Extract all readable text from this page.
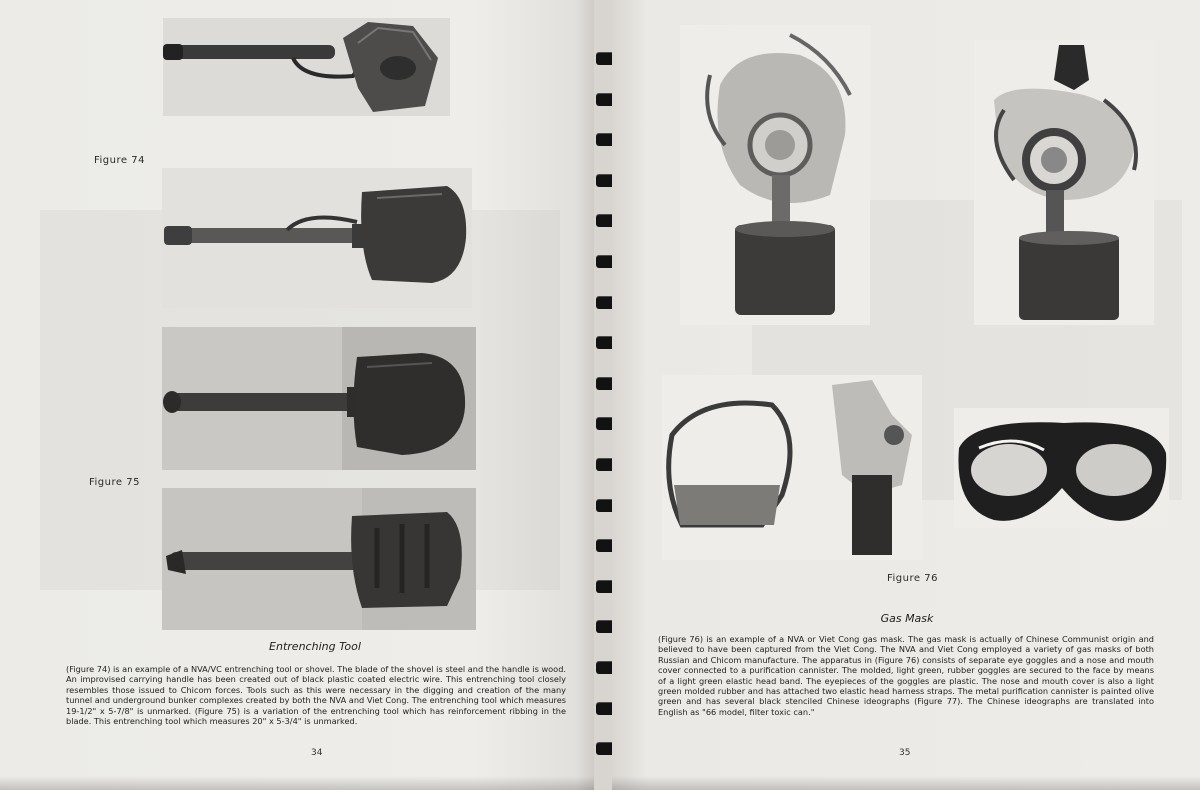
Figure 74
Figure 75
Entrenching Tool
(Figure 74) is an example of a NVA/VC entrenching tool or shovel. The blade of the shovel is steel and the handle is wood. An improvised carrying handle has been created out of black plastic coated electric wire. This entrenching tool closely resembles those issued to Chicom forces. Tools such as this were necessary in the digging and creation of the many tunnel and underground bunker complexes created by both the NVA and Viet Cong. The entrenching tool which measures 19-1/2" x 5-7/8" is unmarked. (Figure 75) is a variation of the entrenching tool which has reinforcement ribbing in the blade. This entrenching tool which measures 20" x 5-3/4" is unmarked.
34
Figure 76
Gas Mask
(Figure 76) is an example of a NVA or Viet Cong gas mask. The gas mask is actually of Chinese Communist origin and believed to have been captured from the Viet Cong. The NVA and Viet Cong employed a variety of gas masks of both Russian and Chicom manufacture. The apparatus in (Figure 76) consists of separate eye goggles and a nose and mouth cover connected to a purification cannister. The molded, light green, rubber goggles are secured to the face by means of a light green elastic head band. The eyepieces of the goggles are plastic. The nose and mouth cover is also a light green molded rubber and has attached two elastic head harness straps. The metal purification cannister is painted olive green and has several black stenciled Chinese ideographs (Figure 77). The Chinese ideographs are translated into English as "66 model, filter toxic can."
35
